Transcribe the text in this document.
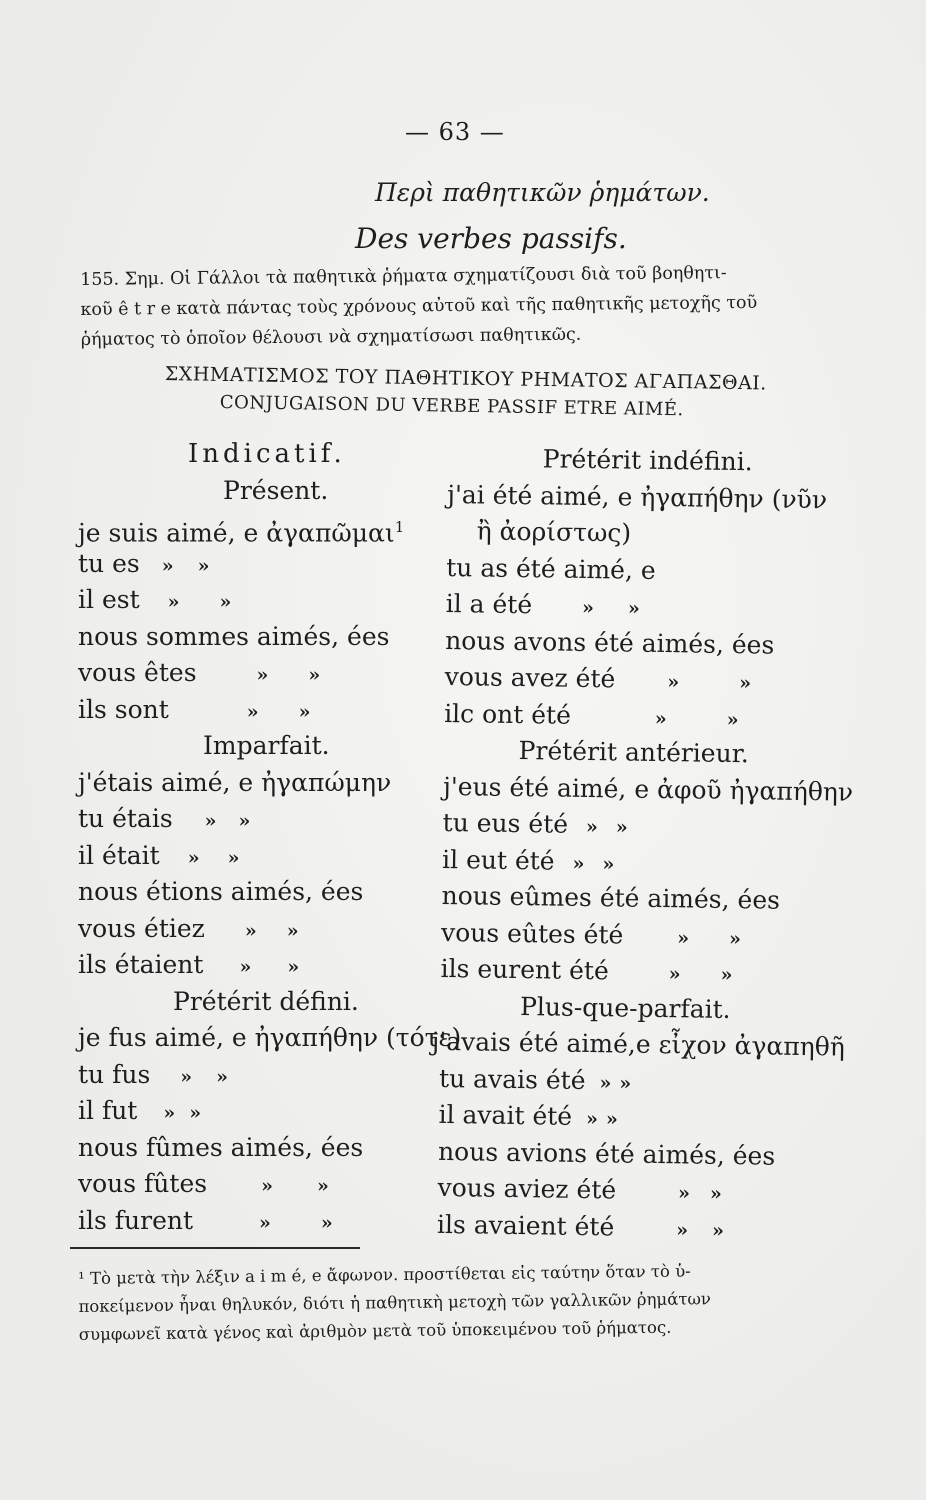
— 63 —
Περὶ παθητικῶν ῥημάτων.
Des verbes passifs.
155. Σημ. Οἱ Γάλλοι τὰ παθητικὰ ῥήματα σχηματίζουσι διὰ τοῦ βοηθητι-
κοῦ ê t r e κατὰ πάντας τοὺς χρόνους αὐτοῦ καὶ τῆς παθητικῆς μετοχῆς τοῦ
ῥήματος τὸ ὁποῖον θέλουσι νὰ σχηματίσωσι παθητικῶς.
ΣΧΗΜΑΤΙΣΜΟΣ ΤΟΥ ΠΑΘΗΤΙΚΟΥ ΡΗΜΑΤΟΣ ΑΓΑΠΑΣΘΑΙ.
CONJUGAISON DU VERBE PASSIF ETRE AIMÉ.
Indicatif.
Présent.
je suis aimé, e ἀγαπῶμαι$^1$
tu es » »
il est » »
nous sommes aimés, ées
vous êtes	» »
ils sont	» »
Imparfait.
j'étais aimé, e ἠγαπώμην
tu étais » »
il était » »
nous étions aimés, ées
vous étiez » »
ils étaient » »
Prétérit défini.
je fus aimé, e ἠγαπήθην (τότε)
tu fus » »
il fut » »
nous fûmes aimés, ées
vous fûtes	» »
ils furent	»	»
Prétérit indéfini.
j'ai été aimé, e ἠγαπήθην (νῦν
ἢ ἀορίστως)
tu as été aimé, e
il a été	» »
nous avons été aimés, ées
vous avez été	»	»
ilc ont été	»	»
Prétérit antérieur.
j'eus été aimé, e ἀφοῦ ἠγαπήθην
tu eus été » »
il eut été » »
nous eûmes été aimés, ées
vous eûtes été	» »
ils eurent été	» »
Plus-que-parfait.
j'avais été aimé,e εἶχον ἀγαπηθῆ
tu avais été » »
il avait été » »
nous avions été aimés, ées
vous aviez été	» »
ils avaient été	» »
¹ Τὸ μετὰ τὴν λέξιν a i m é, e ἄφωνον. προστίθεται εἰς ταύτην ὅταν τὸ ὑ-
ποκείμενον ἦναι θηλυκόν, διότι ἡ παθητικὴ μετοχὴ τῶν γαλλικῶν ῥημάτων
συμφωνεῖ κατὰ γένος καὶ ἀριθμὸν μετὰ τοῦ ὑποκειμένου τοῦ ῥήματος.
